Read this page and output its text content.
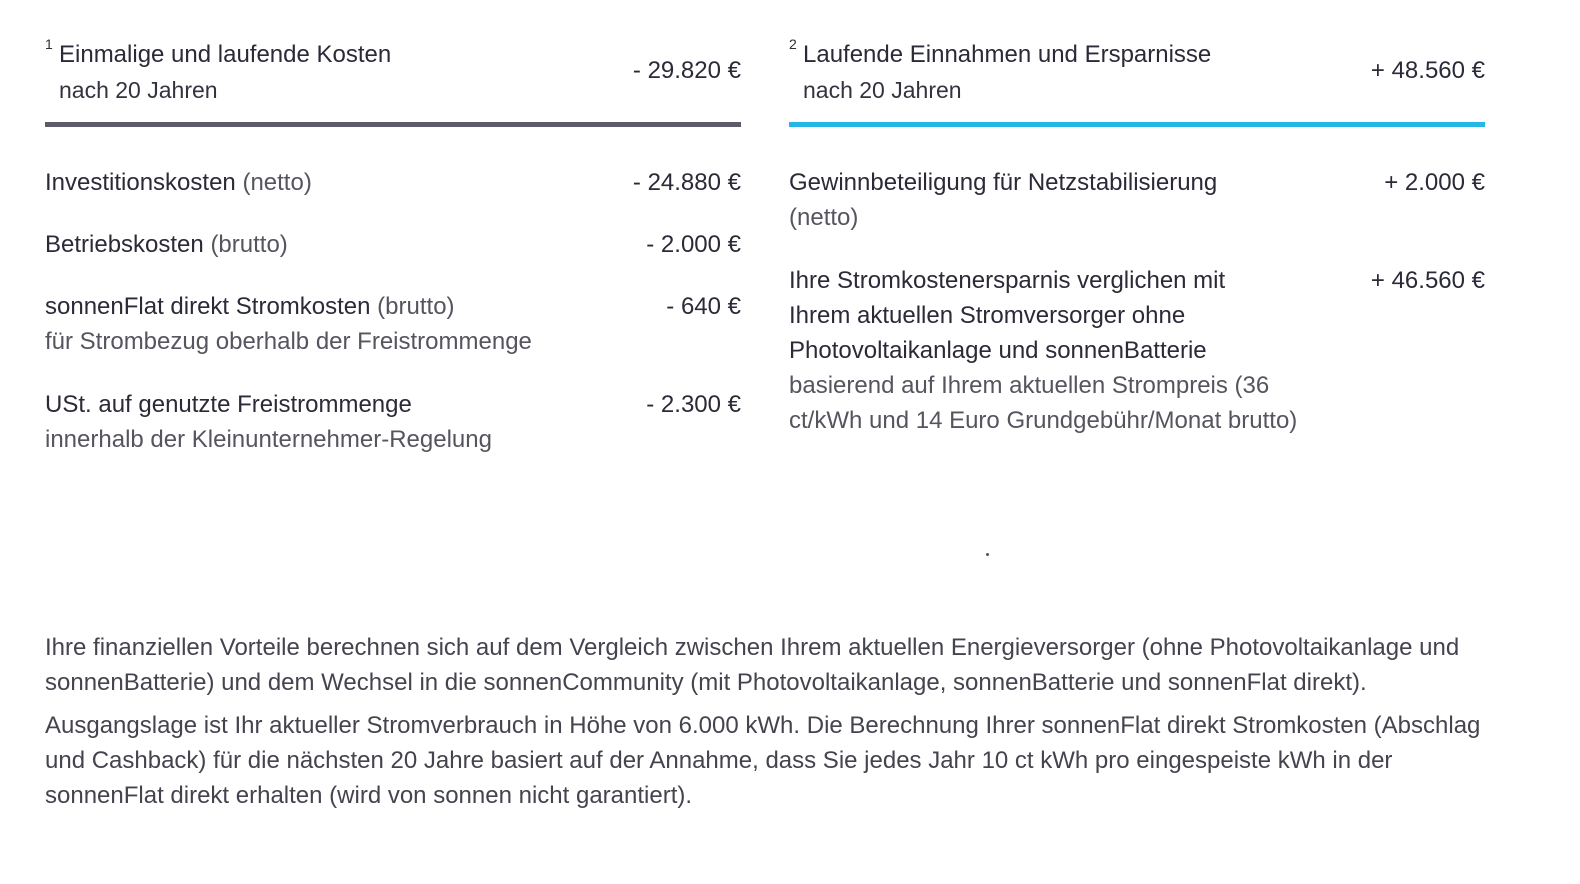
1 Einmalige und laufende Kosten
nach 20 Jahren
- 29.820 €
Investitionskosten (netto)	- 24.880 €
Betriebskosten (brutto)	- 2.000 €
sonnenFlat direkt Stromkosten (brutto)
für Strombezug oberhalb der Freistrommenge
- 640 €
USt. auf genutzte Freistrommenge
innerhalb der Kleinunternehmer-Regelung
- 2.300 €
2 Laufende Einnahmen und Ersparnisse
nach 20 Jahren
+ 48.560 €
Gewinnbeteiligung für Netzstabilisierung (netto)
+ 2.000 €
Ihre Stromkostenersparnis verglichen mit Ihrem aktuellen Stromversorger ohne Photovoltaikanlage und sonnenBatterie
basierend auf Ihrem aktuellen Strompreis (36 ct/kWh und 14 Euro Grundgebühr/Monat brutto)
+ 46.560 €

Ihre finanziellen Vorteile berechnen sich auf dem Vergleich zwischen Ihrem aktuellen Energieversorger (ohne Photovoltaikanlage und sonnenBatterie) und dem Wechsel in die sonnenCommunity (mit Photovoltaikanlage, sonnenBatterie und sonnenFlat direkt).

Ausgangslage ist Ihr aktueller Stromverbrauch in Höhe von 6.000 kWh. Die Berechnung Ihrer sonnenFlat direkt Stromkosten (Abschlag und Cashback) für die nächsten 20 Jahre basiert auf der Annahme, dass Sie jedes Jahr 10 ct kWh pro eingespeiste kWh in der sonnenFlat direkt erhalten (wird von sonnen nicht garantiert).
